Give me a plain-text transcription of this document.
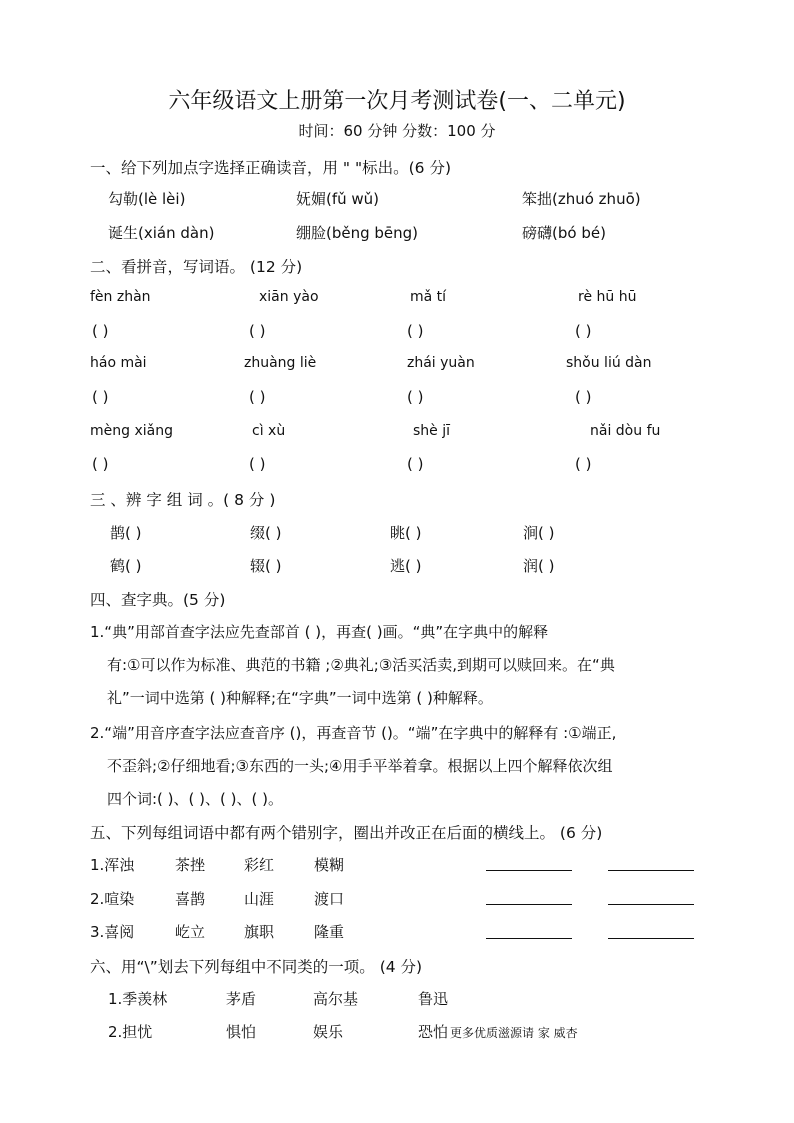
六年级语文上册第一次月考测试卷(一、二单元)
时间：60 分钟 分数：100 分
一、给下列加点字选择正确读音，用 " "标出。(6 分)
勾勒(lè lèi)	妩媚(fǔ wǔ)	笨拙(zhuó zhuō)
诞生(xián dàn)	绷脸(běng bēng)	磅礴(bó bé)
二、看拼音，写词语。 (12 分)
fèn zhàn	xiān yào	mǎ tí	rè hū hū
( )	( )	( )	( )
háo mài	zhuàng liè	zhái yuàn	shǒu liú dàn
( )	( )	( )	( )
mèng xiǎng	cì xù	shè jī	nǎi dòu fu
( )	( )	( )	( )
三 、辨 字 组 词 。( 8 分 )
鹊( )	缀( )	眺( )	涧( )
鹤( )	辍( )	逃( )	润( )
四、查字典。(5 分)
1.“典”用部首查字法应先查部首 ( )，再查( )画。“典”在字典中的解释
有:①可以作为标准、典范的书籍 ;②典礼;③活买活卖,到期可以赎回来。在“典
礼”一词中选第 ( )种解释;在“字典”一词中选第 ( )种解释。
2.“端”用音序查字法应查音序 ()，再查音节 ()。“端”在字典中的解释有 :①端正,
不歪斜;②仔细地看;③东西的一头;④用手平举着拿。根据以上四个解释依次组
四个词:( )、( )、( )、( )。
五、下列每组词语中都有两个错别字，圈出并改正在后面的横线上。 (6 分)
1.浑浊	茶挫	彩红	模糊
2.喧染	喜鹊	山涯	渡口
3.喜阅	屹立	旗职	隆重
六、用“\”划去下列每组中不同类的一项。 (4 分)
1.季羡林	茅盾	高尔基	鲁迅
2.担忧	惧怕	娱乐	恐怕 更多优质滋源请 家 威杏
